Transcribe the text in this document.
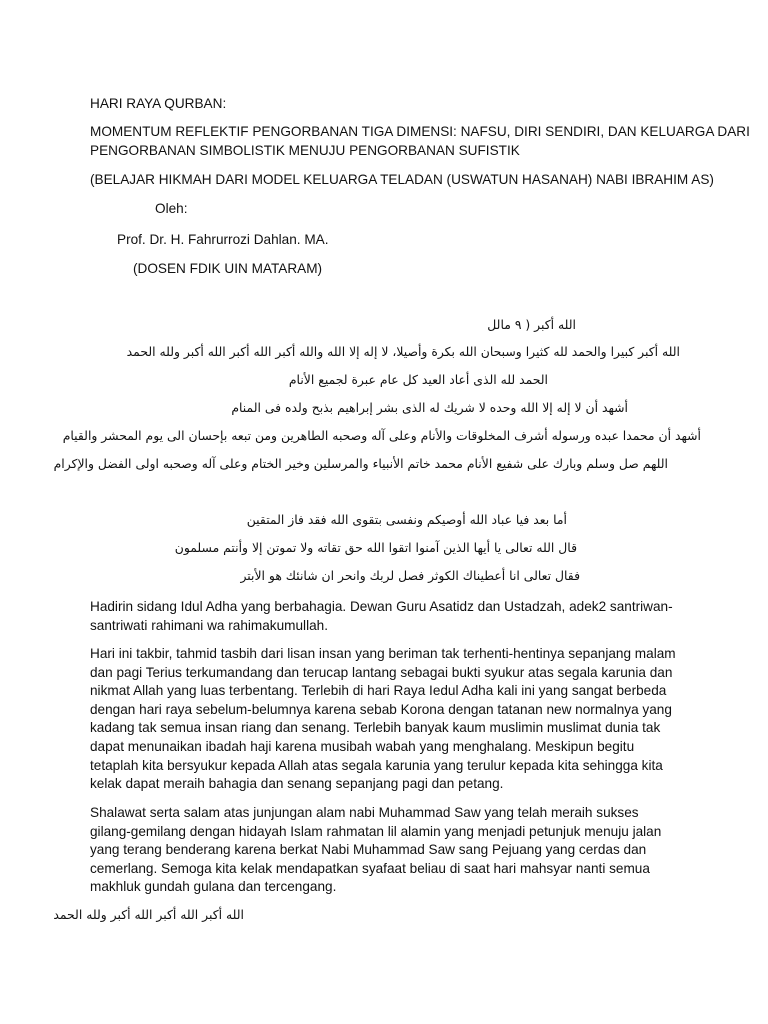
HARI RAYA QURBAN:

MOMENTUM REFLEKTIF PENGORBANAN TIGA DIMENSI: NAFSU, DIRI SENDIRI, DAN KELUARGA DARI

PENGORBANAN SIMBOLISTIK MENUJU PENGORBANAN SUFISTIK

(BELAJAR HIKMAH DARI MODEL KELUARGA TELADAN (USWATUN HASANAH) NABI IBRAHIM AS)

Oleh:

Prof. Dr. H. Fahrurrozi Dahlan. MA.

(DOSEN FDIK UIN MATARAM)

الله أكبر ( ٩ مالل

الله أكبر كبيرا والحمد لله كثيرا وسبحان الله بكرة وأصيلا، لا إله إلا الله والله أكبر الله أكبر الله أكبر ولله الحمد

الحمد لله الذى أعاد العيد كل عام عبرة لجميع الأنام

أشهد أن لا إله إلا الله وحده لا شريك له الذى بشر إبراهيم بذبح ولده فى المنام

أشهد أن محمدا عبده ورسوله أشرف المخلوقات والأنام وعلى آله وصحبه الطاهرين ومن تبعه بإحسان الى يوم المحشر والقيام

اللهم صل وسلم وبارك على شفيع الأنام محمد خاتم الأنبياء والمرسلين وخير الختام وعلى آله وصحبه اولى الفضل والإكرام

أما بعد فيا عباد الله أوصيكم ونفسى بتقوى الله فقد فاز المتقين

قال الله تعالى يا أيها الذين آمنوا اتقوا الله حق تقاته ولا تموتن إلا وأنتم مسلمون

فقال تعالى انا أعطيناك الكوثر فصل لربك وانحر ان شانئك هو الأبتر

Hadirin sidang Idul Adha yang berbahagia. Dewan Guru Asatidz dan Ustadzah, adek2 santriwan-santriwati rahimani wa rahimakumullah.

Hari ini takbir, tahmid tasbih dari lisan insan yang beriman tak terhenti-hentinya sepanjang malam dan pagi Terius terkumandang dan terucap lantang sebagai bukti syukur atas segala karunia dan nikmat Allah yang luas terbentang. Terlebih di hari Raya Iedul Adha kali ini yang sangat berbeda dengan hari raya sebelum-belumnya karena sebab Korona dengan tatanan new normalnya yang kadang tak semua insan riang dan senang. Terlebih banyak kaum muslimin muslimat dunia tak dapat menunaikan ibadah haji karena musibah wabah yang menghalang. Meskipun begitu tetaplah kita bersyukur kepada Allah atas segala karunia yang terulur kepada kita sehingga kita kelak dapat meraih bahagia dan senang sepanjang pagi dan petang.

Shalawat serta salam atas junjungan alam nabi Muhammad Saw yang telah meraih sukses gilang-gemilang dengan hidayah Islam rahmatan lil alamin yang menjadi petunjuk menuju jalan yang terang benderang karena berkat Nabi Muhammad Saw sang Pejuang yang cerdas dan cemerlang. Semoga kita kelak mendapatkan syafaat beliau di saat hari mahsyar nanti semua makhluk gundah gulana dan tercengang.

الله أكبر الله أكبر الله أكبر ولله الحمد
